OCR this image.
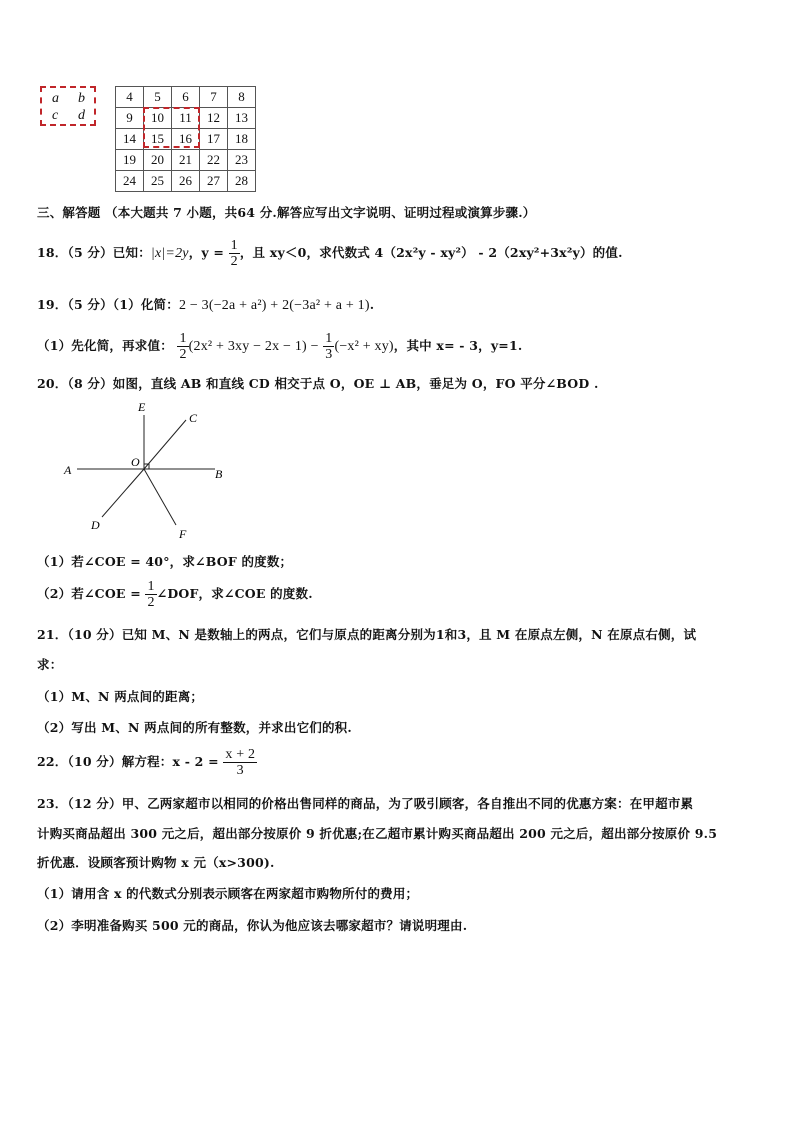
a b
c d
4	5	6	7	8
9	10	11	12	13
14	15	16	17	18
19	20	21	22	23
24	25	26	27	28
三、解答题 （本大题共 7 小题，共64 分.解答应写出文字说明、证明过程或演算步骤.）
18．（5 分）已知：|x|=2y，$y = \frac{1}{2}$ ，且 xy＜0，求代数式 4（2x²y - xy²） - 2（2xy²+3x²y）的值.
19．（5 分）（1）化简：2 − 3(−2a + a²) + 2(−3a² + a + 1).
（1）先化简，再求值： $\frac{1}{2} (2x^2 + 3xy - 2x - 1) - \frac{1}{3} (-x^2 + xy)$，其中 x= - 3，y=1.
20．（8 分）如图，直线 AB 和直线 CD 相交于点 O，OE ⊥ AB，垂足为 O，FO 平分∠BOD .
E
C
A
O
B
D
F
（1）若∠COE = 40°，求∠BOF 的度数；
（2）若∠COE = $\frac{1}{2}$ ∠DOF，求∠COE 的度数.
21．（10 分）已知 M、N 是数轴上的两点，它们与原点的距离分别为1和3，且 M 在原点左侧，N 在原点右侧，试
求：
（1）M、N 两点间的距离；
（2）写出 M、N 两点间的所有整数，并求出它们的积.
22．（10 分）解方程：$x - 2 = \frac{x + 2}{3}$
23．（12 分）甲、乙两家超市以相同的价格出售同样的商品，为了吸引顾客，各自推出不同的优惠方案：在甲超市累
计购买商品超出 300 元之后，超出部分按原价 9 折优惠;在乙超市累计购买商品超出 200 元之后，超出部分按原价 9.5
折优惠．设顾客预计购物 x 元（x>300).
（1）请用含 x 的代数式分别表示顾客在两家超市购物所付的费用；
（2）李明准备购买 500 元的商品，你认为他应该去哪家超市？请说明理由.
